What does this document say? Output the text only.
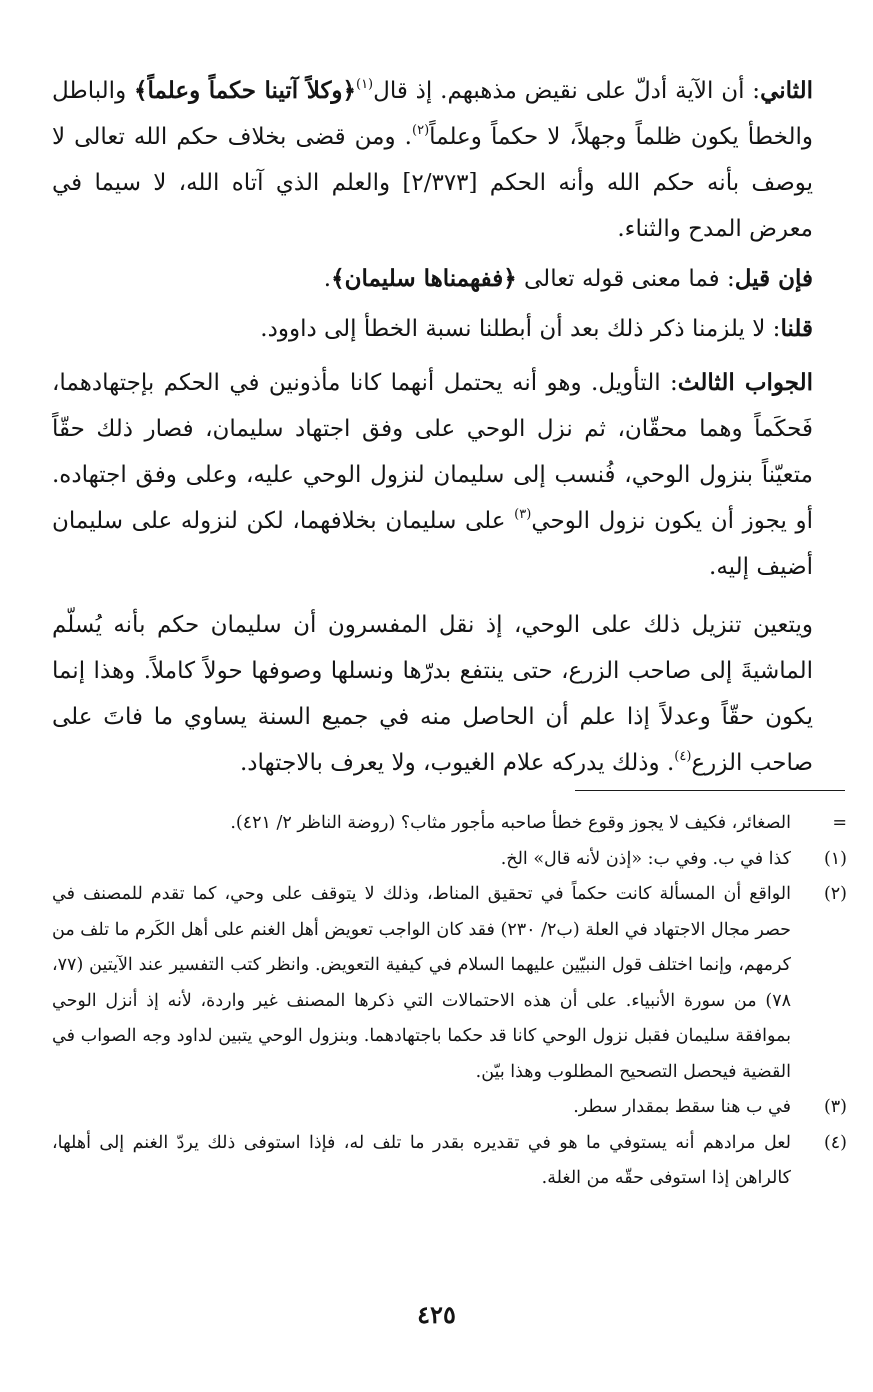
الثاني: أن الآية أدلّ على نقيض مذهبهم. إذ قال$^{(١)}$﴿وكلاً آتينا حكماً وعلماً﴾ والباطل والخطأ يكون ظلماً وجهلاً، لا حكماً وعلماً$^{(٢)}$. ومن قضى بخلاف حكم الله تعالى لا يوصف بأنه حكم الله وأنه الحكم [٢/٣٧٣] والعلم الذي آتاه الله، لا سيما في معرض المدح والثناء.

فإن قيل: فما معنى قوله تعالى ﴿ففهمناها سليمان﴾.

قلنا: لا يلزمنا ذكر ذلك بعد أن أبطلنا نسبة الخطأ إلى داوود.

الجواب الثالث: التأويل. وهو أنه يحتمل أنهما كانا مأذونين في الحكم بإجتهادهما، فَحكَماً وهما محقّان، ثم نزل الوحي على وفق اجتهاد سليمان، فصار ذلك حقّاً متعيّناً بنزول الوحي، فُنسب إلى سليمان لنزول الوحي عليه، وعلى وفق اجتهاده. أو يجوز أن يكون نزول الوحي$^{(٣)}$ على سليمان بخلافهما، لكن لنزوله على سليمان أضيف إليه.

ويتعين تنزيل ذلك على الوحي، إذ نقل المفسرون أن سليمان حكم بأنه يُسلّم الماشيةَ إلى صاحب الزرع، حتى ينتفع بدرّها ونسلها وصوفها حولاً كاملاً. وهذا إنما يكون حقّاً وعدلاً إذا علم أن الحاصل منه في جميع السنة يساوي ما فاتَ على صاحب الزرع$^{(٤)}$. وذلك يدركه علام الغيوب، ولا يعرف بالاجتهاد.

=
الصغائر، فكيف لا يجوز وقوع خطأ صاحبه مأجور مثاب؟ (روضة الناظر ٢/ ٤٢١).
(١)
كذا في ب. وفي ب: «إذن لأنه قال» الخ.
(٢)
الواقع أن المسألة كانت حكماً في تحقيق المناط، وذلك لا يتوقف على وحي، كما تقدم للمصنف في حصر مجال الاجتهاد في العلة (ب٢/ ٢٣٠) فقد كان الواجب تعويض أهل الغنم على أهل الكَرم ما تلف من كرمهم، وإنما اختلف قول النبيّين عليهما السلام في كيفية التعويض. وانظر كتب التفسير عند الآيتين (٧٧، ٧٨) من سورة الأنبياء. على أن هذه الاحتمالات التي ذكرها المصنف غير واردة، لأنه إذ أنزل الوحي بموافقة سليمان فقبل نزول الوحي كانا قد حكما باجتهادهما. وبنزول الوحي يتبين لداود وجه الصواب في القضية فيحصل التصحيح المطلوب وهذا بيّن.
(٣)
في ب هنا سقط بمقدار سطر.
(٤)
لعل مرادهم أنه يستوفي ما هو في تقديره بقدر ما تلف له، فإذا استوفى ذلك يردّ الغنم إلى أهلها، كالراهن إذا استوفى حقّه من الغلة.
٤٢٥
